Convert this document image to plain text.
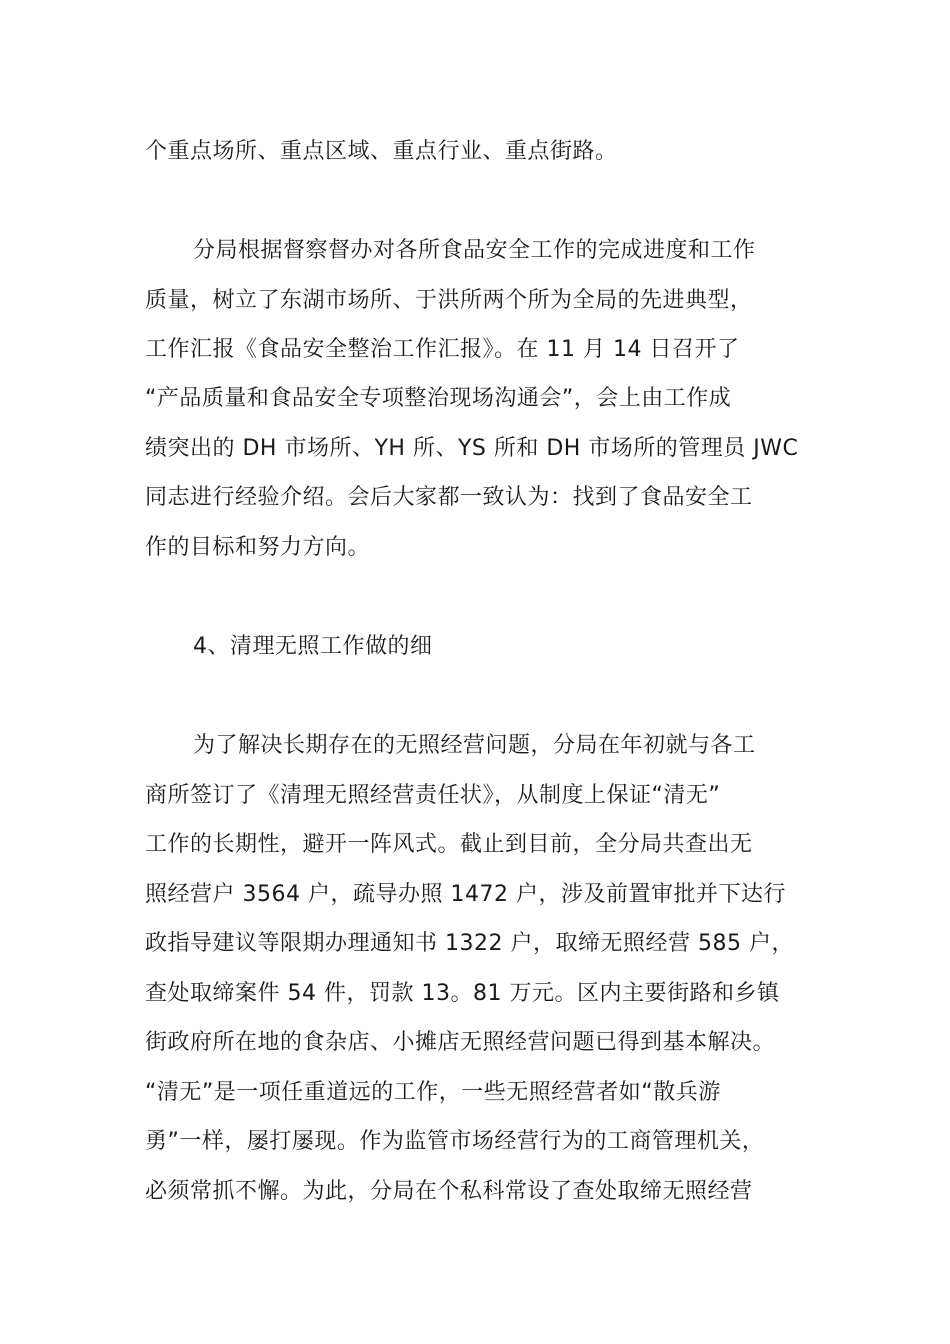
个重点场所、重点区域、重点行业、重点街路。
分局根据督察督办对各所食品安全工作的完成进度和工作
质量，树立了东湖市场所、于洪所两个所为全局的先进典型，
工作汇报《食品安全整治工作汇报》。在 11 月 14 日召开了
“产品质量和食品安全专项整治现场沟通会”，会上由工作成
绩突出的 DH 市场所、YH 所、YS 所和 DH 市场所的管理员 JWC
同志进行经验介绍。会后大家都一致认为：找到了食品安全工
作的目标和努力方向。
4、清理无照工作做的细
为了解决长期存在的无照经营问题，分局在年初就与各工
商所签订了《清理无照经营责任状》，从制度上保证“清无”
工作的长期性，避开一阵风式。截止到目前，全分局共查出无
照经营户 3564 户，疏导办照 1472 户，涉及前置审批并下达行
政指导建议等限期办理通知书 1322 户，取缔无照经营 585 户，
查处取缔案件 54 件，罚款 13。81 万元。区内主要街路和乡镇
街政府所在地的食杂店、小摊店无照经营问题已得到基本解决。
“清无”是一项任重道远的工作，一些无照经营者如“散兵游
勇”一样，屡打屡现。作为监管市场经营行为的工商管理机关，
必须常抓不懈。为此，分局在个私科常设了查处取缔无照经营
